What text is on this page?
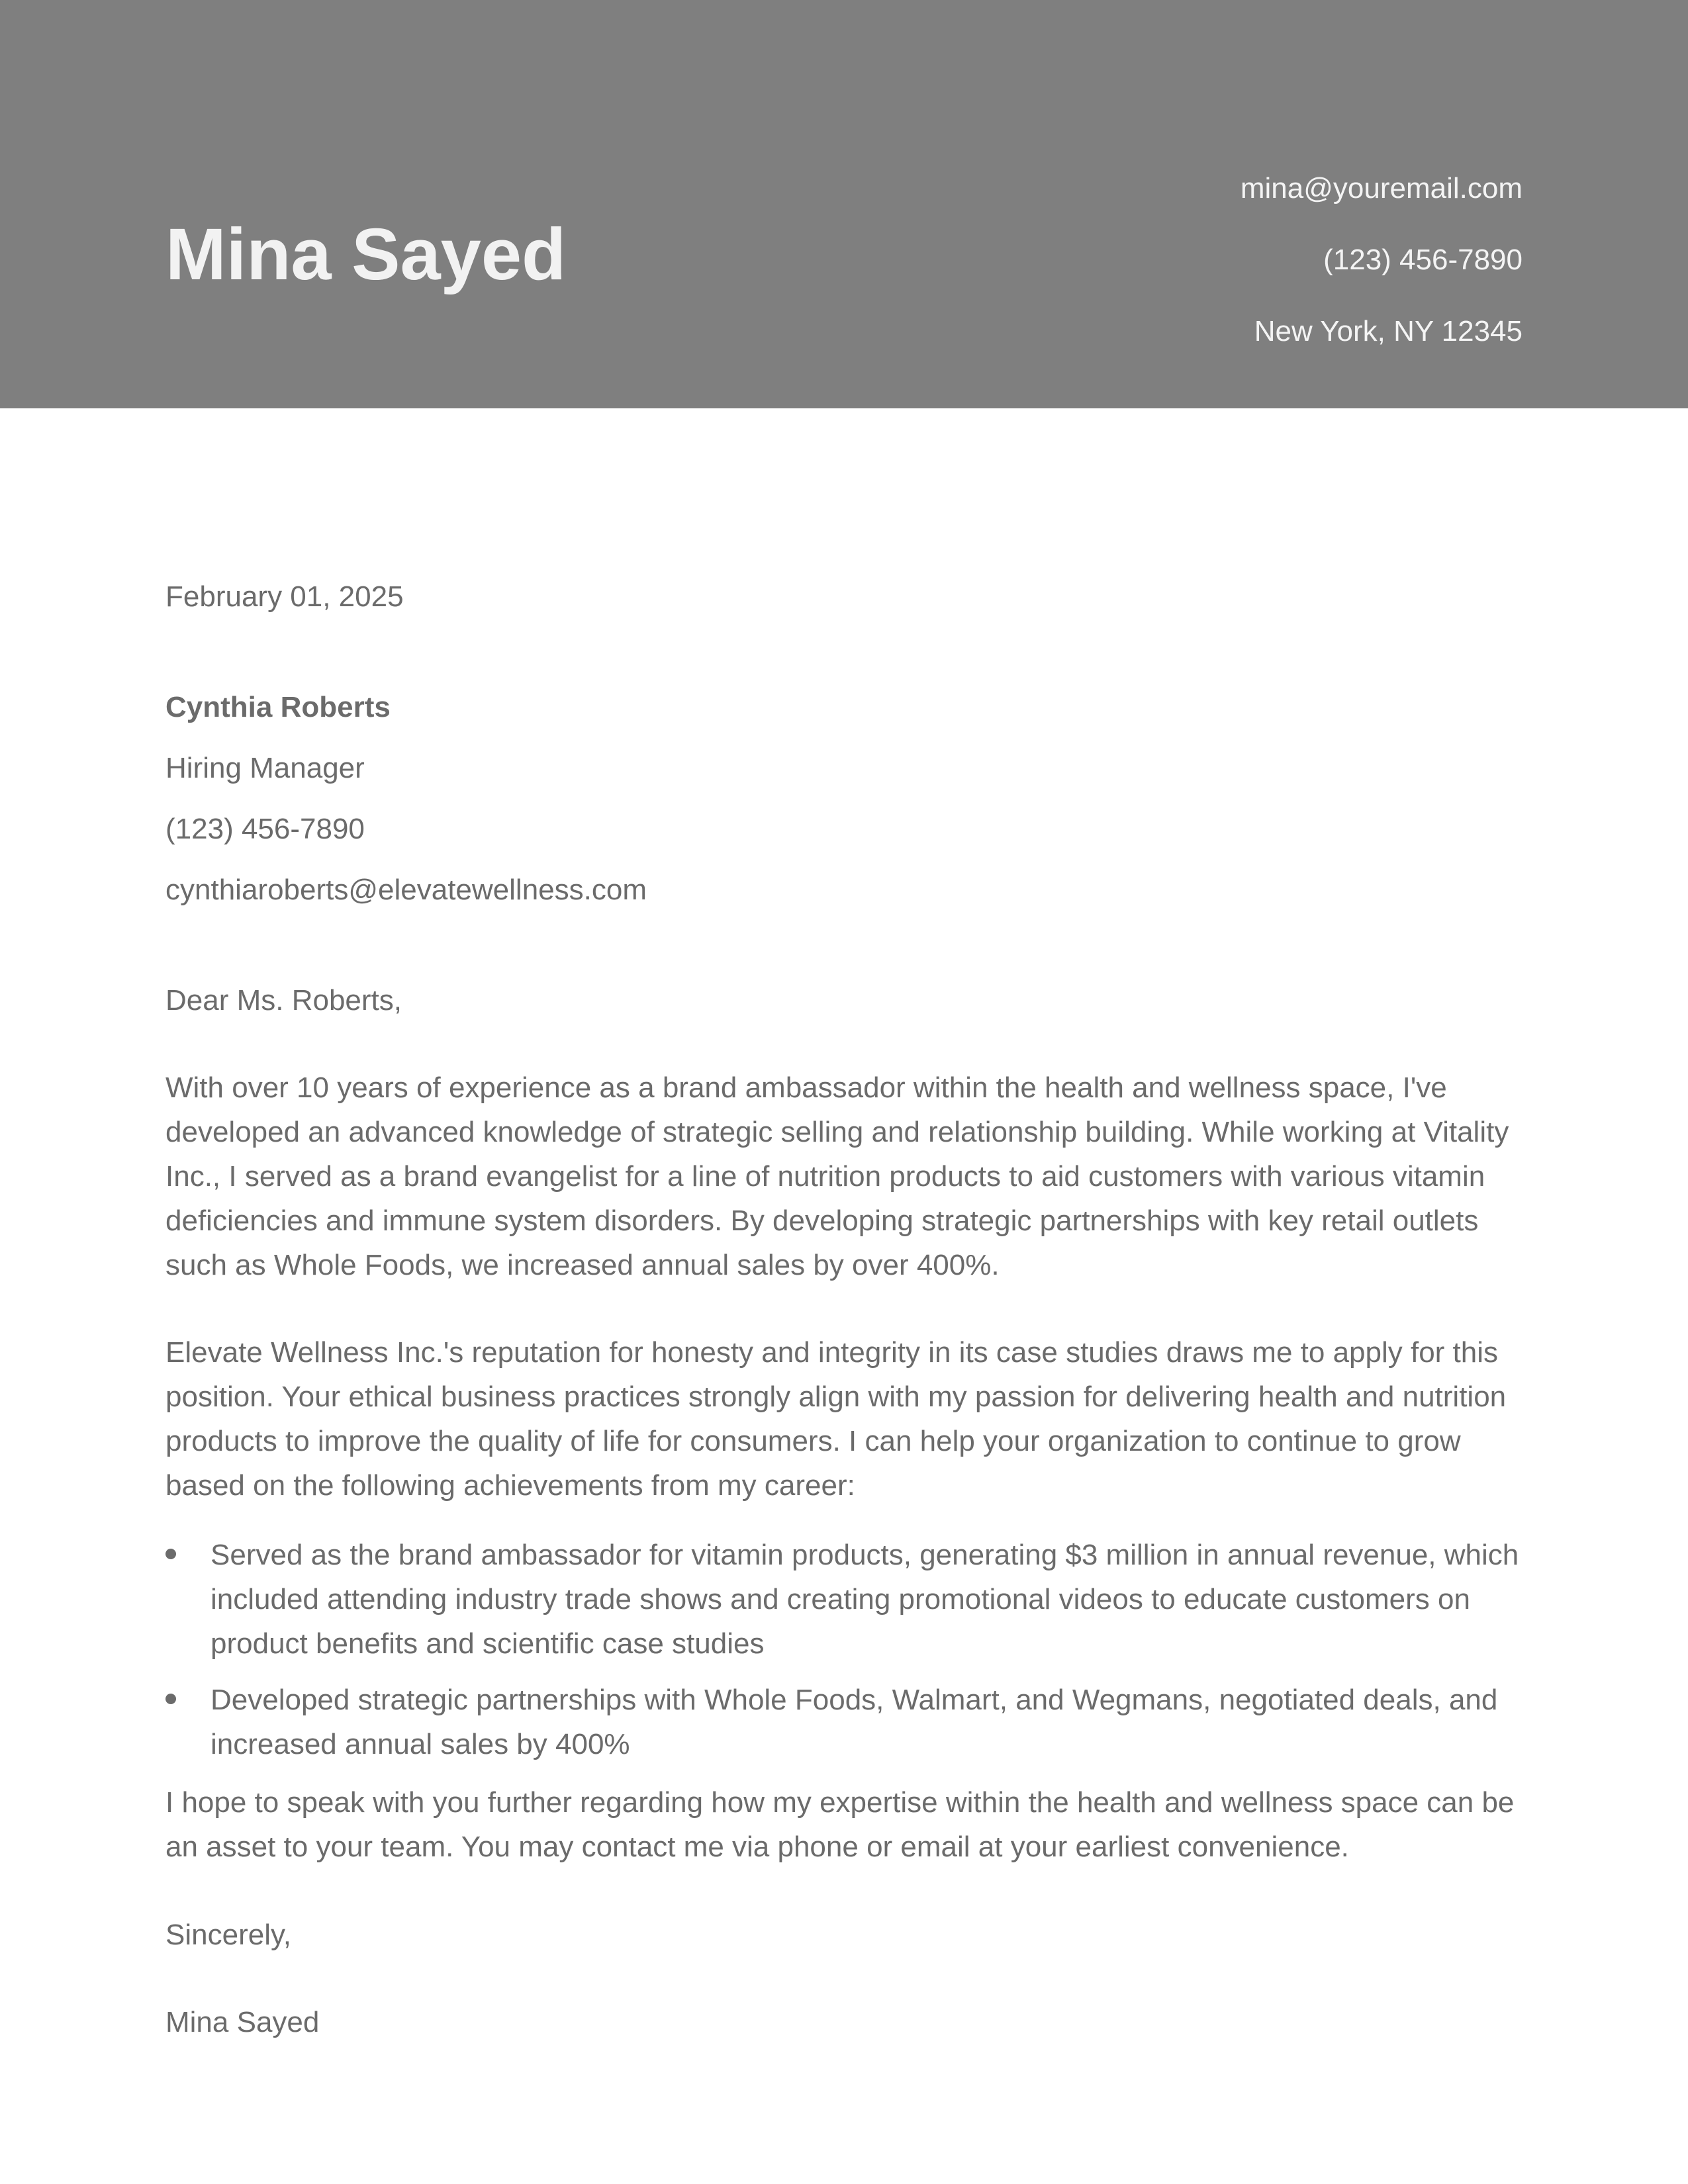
Mina Sayed
mina@youremail.com
(123) 456-7890
New York, NY 12345
February 01, 2025
Cynthia Roberts
Hiring Manager
(123) 456-7890
cynthiaroberts@elevatewellness.com
Dear Ms. Roberts,
With over 10 years of experience as a brand ambassador within the health and wellness space, I've developed an advanced knowledge of strategic selling and relationship building. While working at Vitality Inc., I served as a brand evangelist for a line of nutrition products to aid customers with various vitamin deficiencies and immune system disorders. By developing strategic partnerships with key retail outlets such as Whole Foods, we increased annual sales by over 400%.
Elevate Wellness Inc.'s reputation for honesty and integrity in its case studies draws me to apply for this position. Your ethical business practices strongly align with my passion for delivering health and nutrition products to improve the quality of life for consumers. I can help your organization to continue to grow based on the following achievements from my career:
Served as the brand ambassador for vitamin products, generating $3 million in annual revenue, which included attending industry trade shows and creating promotional videos to educate customers on product benefits and scientific case studies
Developed strategic partnerships with Whole Foods, Walmart, and Wegmans, negotiated deals, and increased annual sales by 400%
I hope to speak with you further regarding how my expertise within the health and wellness space can be an asset to your team. You may contact me via phone or email at your earliest convenience.
Sincerely,
Mina Sayed
